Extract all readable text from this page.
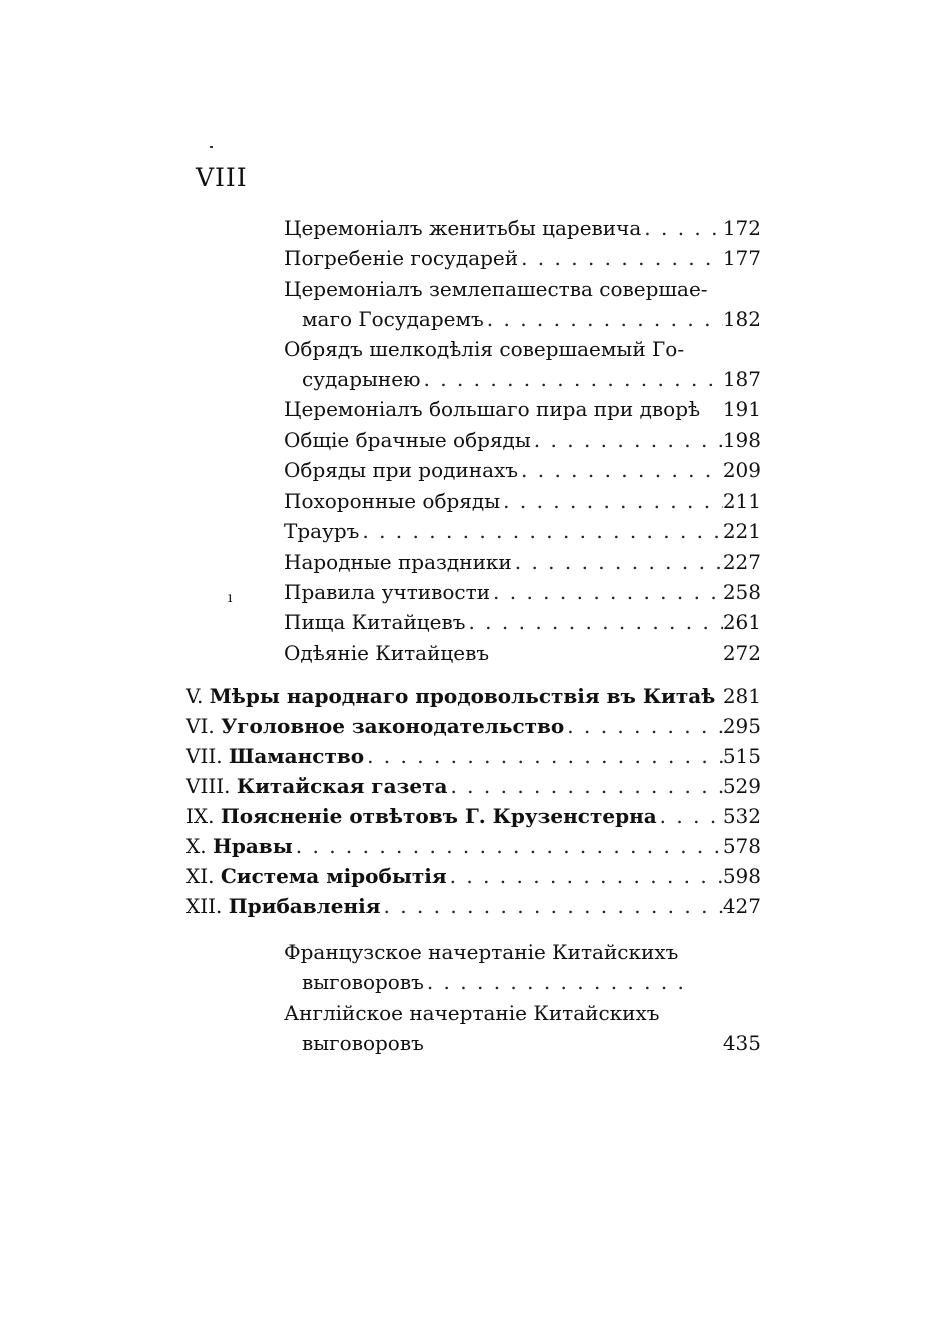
VIII
ı
Церемоніалъ женитьбы царевича . . .	172
Погребеніе государей . . .	177
Церемоніалъ землепашества совершае-
маго Государемъ . . .	182
Обрядъ шелкодѣлія совершаемый Го-
сударынею . . .	187
Церемоніалъ большаго пира при дворѣ 191
Общіе брачные обряды . . .	198
Обряды при родинахъ . . .	209
Похоронные обряды . . .	211
Трауръ . . .	221
Народные праздники . . .	227
Правила учтивости . . .	258
Пища Китайцевъ . . .	261
Одѣяніе Китайцевъ	272
V. Мѣры народнаго продовольствія въ Китаѣ 281
VI. Уголовное законодательство . . .	295
VII. Шаманство . . .	515
VIII. Китайская газета . . .	529
IX. Поясненіе отвѣтовъ Г. Крузенстерна . . .	532
X. Нравы . . .	578
XI. Система міробытія . . .	598
XII. Прибавленія . . .	427
Французское начертаніе Китайскихъ
выговоровъ
. . .
Англійское начертаніе Китайскихъ
выговоровъ	435
